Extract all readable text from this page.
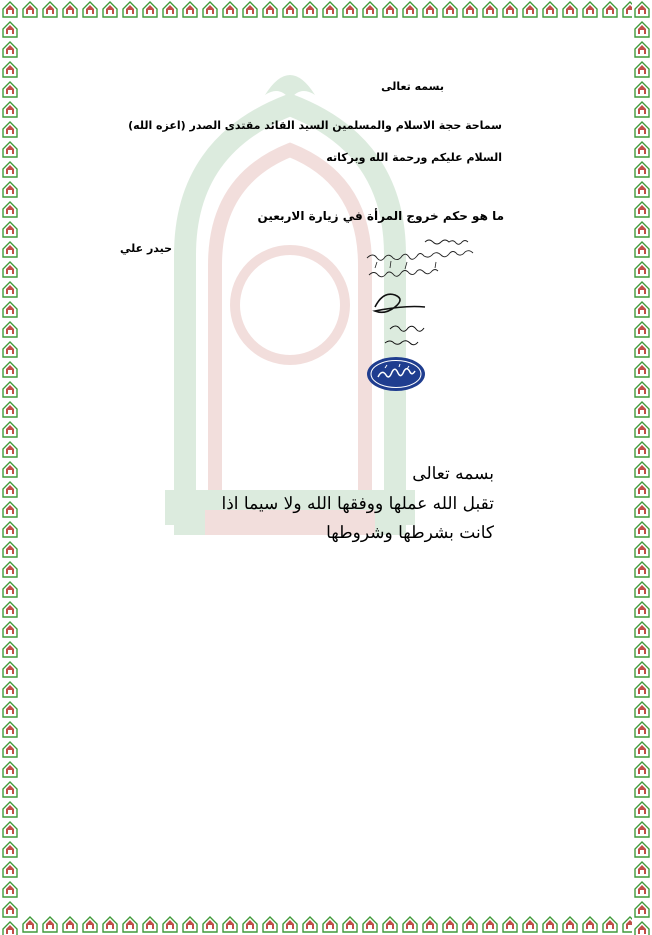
بسمه تعالى
سماحة حجة الاسلام والمسلمين السيد القائد مقتدى الصدر (اعزه الله)
السلام عليكم ورحمة الله وبركاته
ما هو حكم خروج المرأة في زيارة الاربعين
حيدر علي
بسمه تعالى
تقبل الله عملها ووفقها الله ولا سيما اذا
كانت بشرطها وشروطها
